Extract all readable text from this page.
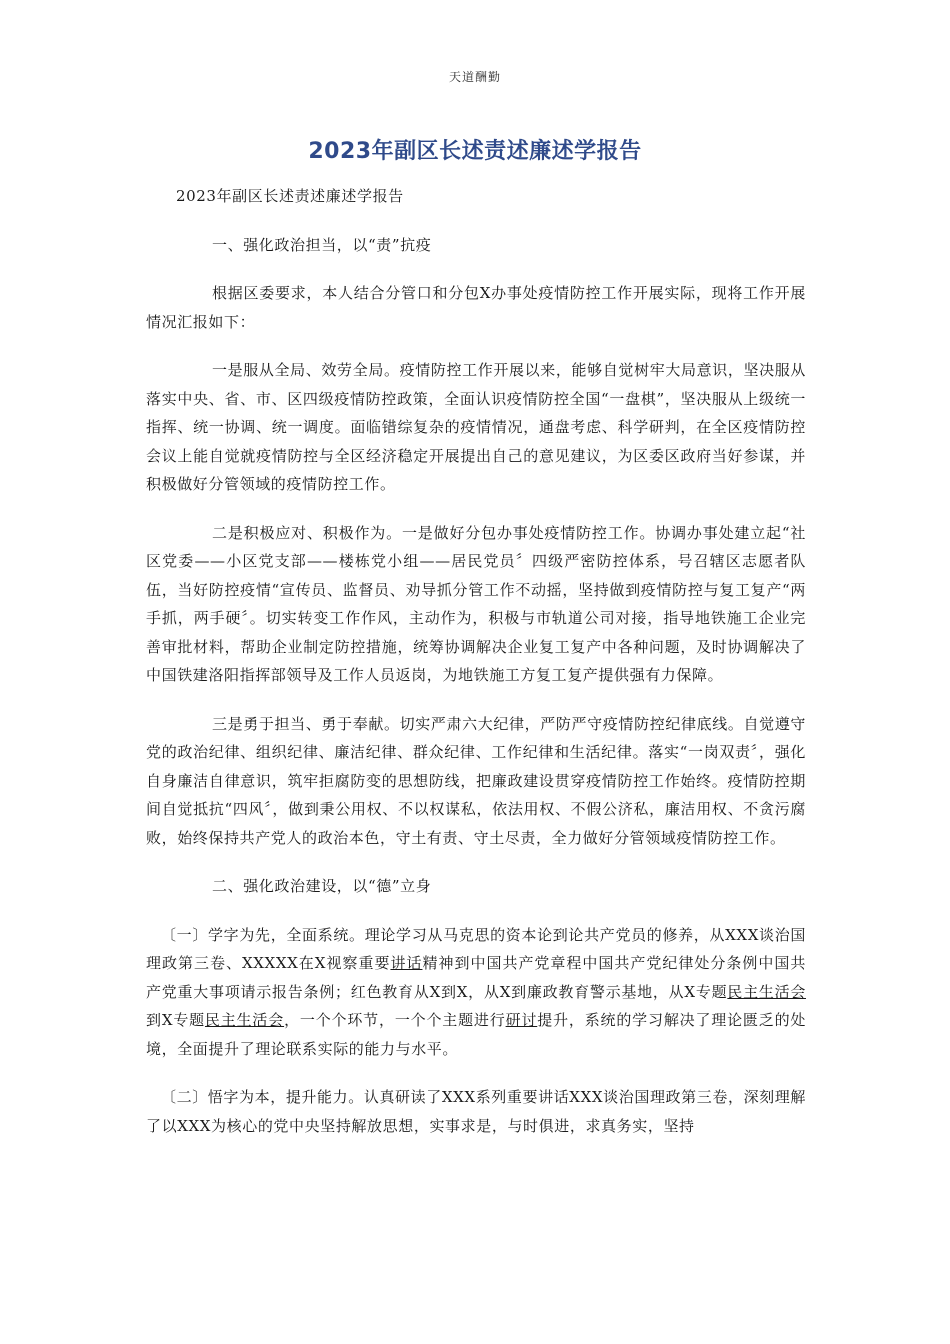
天道酬勤
2023年副区长述责述廉述学报告

2023年副区长述责述廉述学报告

一、强化政治担当，以“责”抗疫

根据区委要求，本人结合分管口和分包X办事处疫情防控工作开展实际，现将工作开展情况汇报如下：

一是服从全局、效劳全局。疫情防控工作开展以来，能够自觉树牢大局意识，坚决服从落实中央、省、市、区四级疫情防控政策，全面认识疫情防控全国“一盘棋”，坚决服从上级统一指挥、统一协调、统一调度。面临错综复杂的疫情情况，通盘考虑、科学研判，在全区疫情防控会议上能自觉就疫情防控与全区经济稳定开展提出自己的意见建议，为区委区政府当好参谋，并积极做好分管领域的疫情防控工作。

二是积极应对、积极作为。一是做好分包办事处疫情防控工作。协调办事处建立起“社区党委——小区党支部——楼栋党小组——居民党员〞四级严密防控体系，号召辖区志愿者队伍，当好防控疫情“宣传员、监督员、劝导抓分管工作不动摇，坚持做到疫情防控与复工复产“两手抓，两手硬〞。切实转变工作作风，主动作为，积极与市轨道公司对接，指导地铁施工企业完善审批材料，帮助企业制定防控措施，统筹协调解决企业复工复产中各种问题，及时协调解决了中国铁建洛阳指挥部领导及工作人员返岗，为地铁施工方复工复产提供强有力保障。

三是勇于担当、勇于奉献。切实严肃六大纪律，严防严守疫情防控纪律底线。自觉遵守党的政治纪律、组织纪律、廉洁纪律、群众纪律、工作纪律和生活纪律。落实“一岗双责〞，强化自身廉洁自律意识，筑牢拒腐防变的思想防线，把廉政建设贯穿疫情防控工作始终。疫情防控期间自觉抵抗“四风〞，做到秉公用权、不以权谋私，依法用权、不假公济私，廉洁用权、不贪污腐败，始终保持共产党人的政治本色，守土有责、守土尽责，全力做好分管领域疫情防控工作。

二、强化政治建设，以“德”立身

〔一〕学字为先，全面系统。理论学习从马克思的资本论到论共产党员的修养，从XXX谈治国理政第三卷、XXXXX在X视察重要讲话精神到中国共产党章程中国共产党纪律处分条例中国共产党重大事项请示报告条例；红色教育从X到X，从X到廉政教育警示基地，从X专题民主生活会到X专题民主生活会，一个个环节，一个个主题进行研讨提升，系统的学习解决了理论匮乏的处境，全面提升了理论联系实际的能力与水平。

〔二〕悟字为本，提升能力。认真研读了XXX系列重要讲话XXX谈治国理政第三卷，深刻理解了以XXX为核心的党中央坚持解放思想，实事求是，与时俱进，求真务实，坚持
